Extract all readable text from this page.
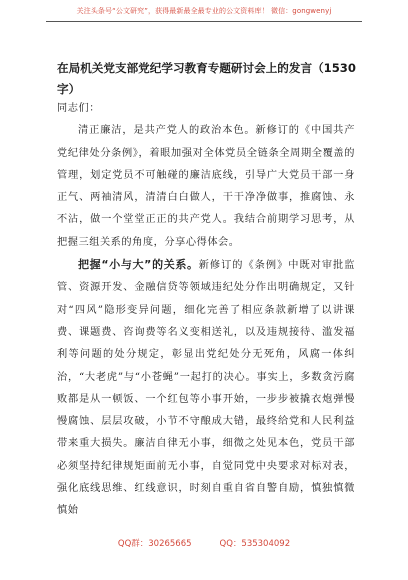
关注头条号“公文研究”，获得最新最全最专业的公文资料库！ 微信：gongwenyj
在局机关党支部党纪学习教育专题研讨会上的发言（1530字）

同志们：

清正廉洁，是共产党人的政治本色。新修订的《中国共产党纪律处分条例》，着眼加强对全体党员全链条全周期全覆盖的管理，划定党员不可触碰的廉洁底线，引导广大党员干部一身正气、两袖清风，清清白白做人，干干净净做事，推腐蚀、永不沾，做一个堂堂正正的共产党人。我结合前期学习思考，从把握三组关系的角度，分享心得体会。

把握“小与大”的关系。新修订的《条例》中既对审批监管、资源开发、金融信贷等领域违纪处分作出明确规定，又针对“四风”隐形变异问题，细化完善了相应条款新增了以讲课费、课题费、咨询费等名义变相送礼，以及违规接待、滥发福利等问题的处分规定，彰显出党纪处分无死角，风腐一体纠治，“大老虎”与“小苍蝇”一起打的决心。事实上，多数贪污腐败都是从一顿饭、一个红包等小事开始，一步步被撬衣炮弹慢慢腐蚀、层层攻破，小节不守酿成大错，最终给党和人民利益带来重大损失。廉洁自律无小事，细微之处见本色，党员干部必须坚持纪律规矩面前无小事，自觉同党中央要求对标对表，强化底线思维、红线意识，时刻自重自省自警自励，慎独慎微慎始

QQ群：30265665	QQ：535304092
